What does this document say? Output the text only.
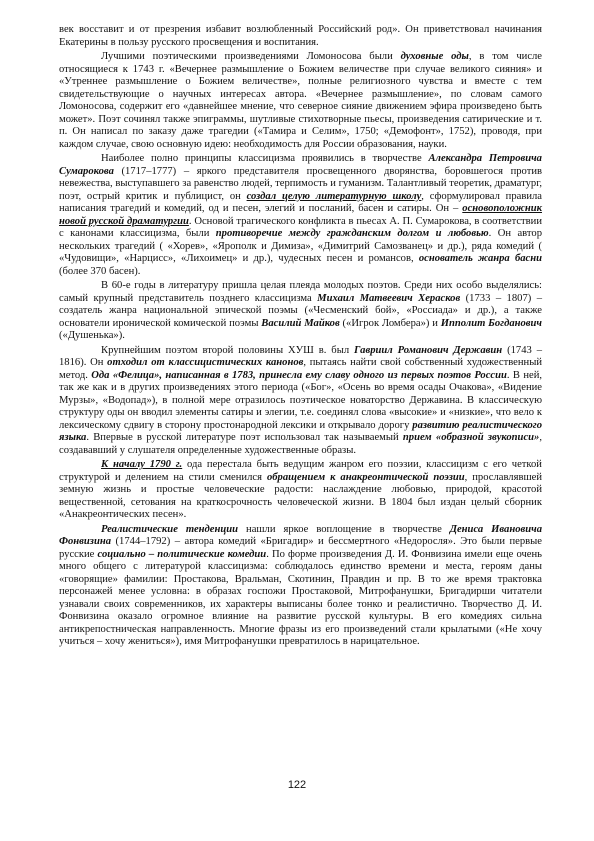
век восставит и от презрения избавит возлюбленный Российский род». Он приветствовал начинания Екатерины в пользу русского просвещения и воспитания.

Лучшими поэтическими произведениями Ломоносова были духовные оды, в том числе относящиеся к 1743 г. «Вечернее размышление о Божием величестве при случае великого сияния» и «Утреннее размышление о Божием величестве», полные религиозного чувства и вместе с тем свидетельствующие о научных интересах автора. «Вечернее размышление», по словам самого Ломоносова, содержит его «давнейшее мнение, что северное сияние движением эфира произведено быть может». Поэт сочинял также эпиграммы, шутливые стихотворные пьесы, произведения сатирические и т. п. Он написал по заказу даже трагедии («Тамира и Селим», 1750; «Демофонт», 1752), проводя, при каждом случае, свою основную идею: необходимость для России образования, науки.

Наиболее полно принципы классицизма проявились в творчестве Александра Петровича Сумарокова (1717–1777) – яркого представителя просвещенного дворянства, боровшегося против невежества, выступавшего за равенство людей, терпимость и гуманизм. Талантливый теоретик, драматург, поэт, острый критик и публицист, он создал целую литературную школу, сформулировал правила написания трагедий и комедий, од и песен, элегий и посланий, басен и сатиры. Он – основоположник новой русской драматургии. Основой трагического конфликта в пьесах А. П. Сумарокова, в соответствии с канонами классицизма, были противоречие между гражданским долгом и любовью. Он автор нескольких трагедий ( «Хорев», «Ярополк и Димиза», «Димитрий Самозванец» и др.), ряда комедий ( «Чудовищи», «Нарцисс», «Лихоимец» и др.), чудесных песен и романсов, основатель жанра басни (более 370 басен).

В 60-е годы в литературу пришла целая плеяда молодых поэтов. Среди них особо выделялись: самый крупный представитель позднего классицизма Михаил Матвеевич Херасков (1733 – 1807) – создатель жанра национальной эпической поэмы («Чесменский бой», «Россиада» и др.), а также основатели иронической комической поэмы Василий Майков («Игрок Ломбера») и Ипполит Богданович («Душенька»).

Крупнейшим поэтом второй половины ХУШ в. был Гавриил Романович Державин (1743 – 1816). Он отходил от классицистических канонов, пытаясь найти свой собственный художественный метод. Ода «Фелица», написанная в 1783, принесла ему славу одного из первых поэтов России. В ней, так же как и в других произведениях этого периода («Бог», «Осень во время осады Очакова», «Видение Мурзы», «Водопад»), в полной мере отразилось поэтическое новаторство Державина. В классическую структуру оды он вводил элементы сатиры и элегии, т.е. соединял слова «высокие» и «низкие», что вело к лексическому сдвигу в сторону простонародной лексики и открывало дорогу развитию реалистического языка. Впервые в русской литературе поэт использовал так называемый прием «образной звукописи», создававший у слушателя определенные художественные образы.

К началу 1790 г. ода перестала быть ведущим жанром его поэзии, классицизм с его четкой структурой и делением на стили сменился обращением к анакреонтической поэзии, прославлявшей земную жизнь и простые человеческие радости: наслаждение любовью, природой, красотой вещественной, сетования на краткосрочность человеческой жизни. В 1804 был издан целый сборник «Анакреонтических песен».

Реалистические тенденции нашли яркое воплощение в творчестве Дениса Ивановича Фонвизина (1744–1792) – автора комедий «Бригадир» и бессмертного «Недоросля». Это были первые русские социально – политические комедии. По форме произведения Д. И. Фонвизина имели еще очень много общего с литературой классицизма: соблюдалось единство времени и места, героям даны «говорящие» фамилии: Простакова, Вральман, Скотинин, Правдин и пр. В то же время трактовка персонажей менее условна: в образах госпожи Простаковой, Митрофанушки, Бригадирши читатели узнавали своих современников, их характеры выписаны более тонко и реалистично. Творчество Д. И. Фонвизина оказало огромное влияние на развитие русской культуры. В его комедиях сильна антикрепостническая направленность. Многие фразы из его произведений стали крылатыми («Не хочу учиться – хочу жениться»), имя Митрофанушки превратилось в нарицательное.

122
